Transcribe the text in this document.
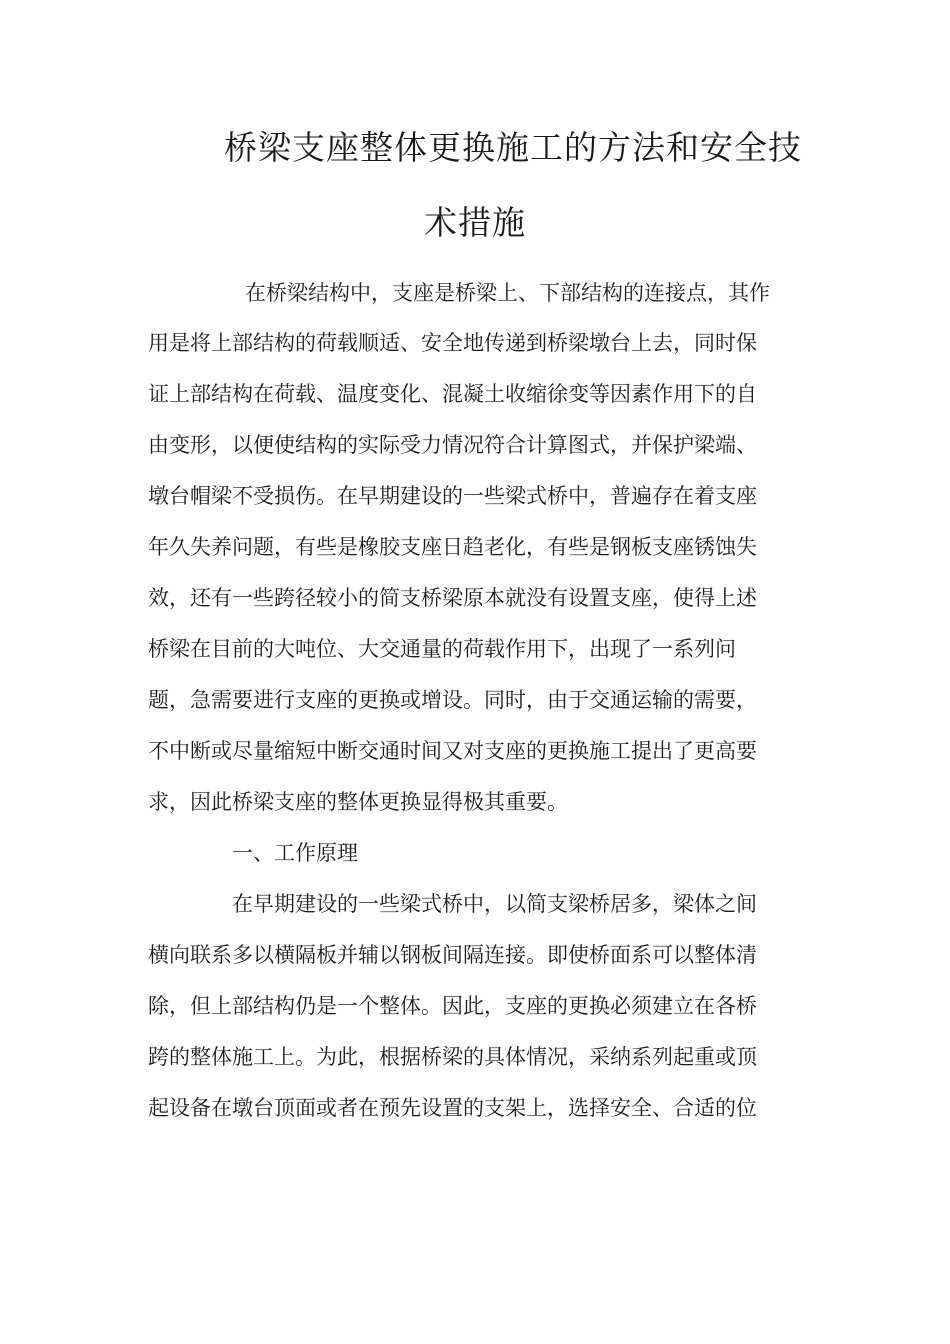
桥梁支座整体更换施工的方法和安全技
术措施
在桥梁结构中，支座是桥梁上、下部结构的连接点，其作
用是将上部结构的荷载顺适、安全地传递到桥梁墩台上去，同时保
证上部结构在荷载、温度变化、混凝土收缩徐变等因素作用下的自
由变形，以便使结构的实际受力情况符合计算图式，并保护梁端、
墩台帽梁不受损伤。在早期建设的一些梁式桥中，普遍存在着支座
年久失养问题，有些是橡胶支座日趋老化，有些是钢板支座锈蚀失
效，还有一些跨径较小的简支桥梁原本就没有设置支座，使得上述
桥梁在目前的大吨位、大交通量的荷载作用下，出现了一系列问
题，急需要进行支座的更换或增设。同时，由于交通运输的需要，
不中断或尽量缩短中断交通时间又对支座的更换施工提出了更高要
求，因此桥梁支座的整体更换显得极其重要。
一、工作原理
在早期建设的一些梁式桥中，以简支梁桥居多，梁体之间
横向联系多以横隔板并辅以钢板间隔连接。即使桥面系可以整体清
除，但上部结构仍是一个整体。因此，支座的更换必须建立在各桥
跨的整体施工上。为此，根据桥梁的具体情况，采纳系列起重或顶
起设备在墩台顶面或者在预先设置的支架上，选择安全、合适的位
